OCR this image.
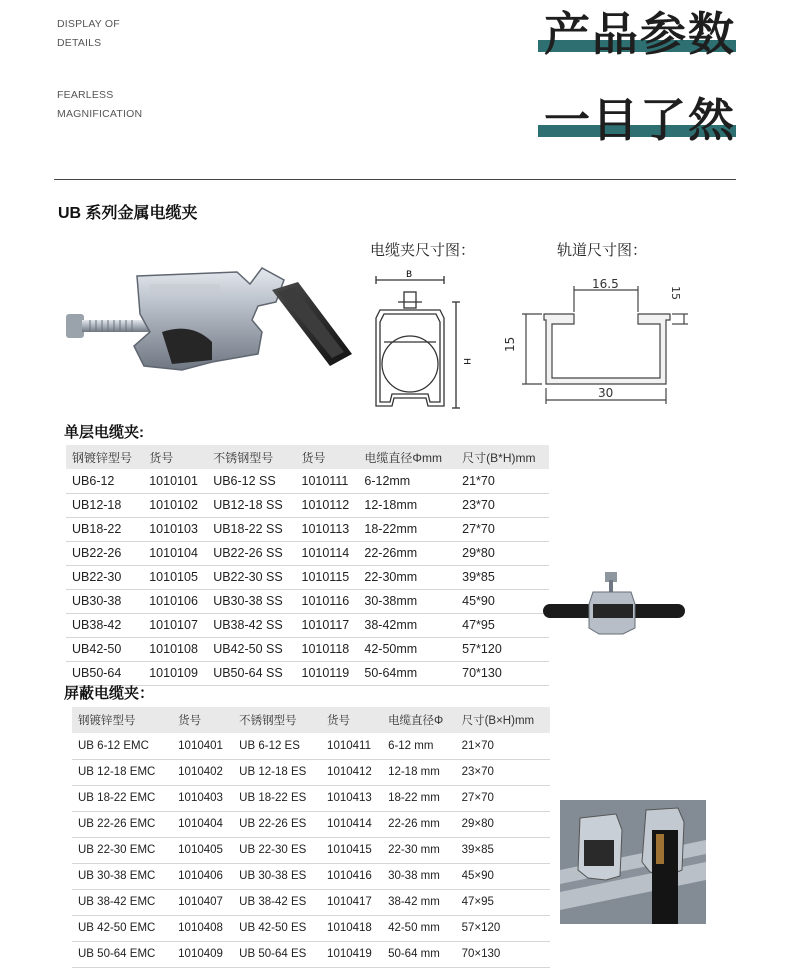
DISPLAY OF
DETAILS
FEARLESS
MAGNIFICATION
产品参数
一目了然
UB 系列金属电缆夹
电缆夹尺寸图：
B
H
轨道尺寸图：
16.5
15
15
30
单层电缆夹:
钢镀锌型号	货号	不锈钢型号	货号	电缆直径Φmm	尺寸(B*H)mm
UB6-12	1010101	UB6-12 SS	1010111	6-12mm	21*70
UB12-18	1010102	UB12-18 SS	1010112	12-18mm	23*70
UB18-22	1010103	UB18-22 SS	1010113	18-22mm	27*70
UB22-26	1010104	UB22-26 SS	1010114	22-26mm	29*80
UB22-30	1010105	UB22-30 SS	1010115	22-30mm	39*85
UB30-38	1010106	UB30-38 SS	1010116	30-38mm	45*90
UB38-42	1010107	UB38-42 SS	1010117	38-42mm	47*95
UB42-50	1010108	UB42-50 SS	1010118	42-50mm	57*120
UB50-64	1010109	UB50-64 SS	1010119	50-64mm	70*130
屏蔽电缆夹：
钢镀锌型号	货号	不锈钢型号	货号	电缆直径Φ	尺寸(B×H)mm
UB 6-12 EMC	1010401	UB 6-12 ES	1010411	6-12 mm	21×70
UB 12-18 EMC	1010402	UB 12-18 ES	1010412	12-18 mm	23×70
UB 18-22 EMC	1010403	UB 18-22 ES	1010413	18-22 mm	27×70
UB 22-26 EMC	1010404	UB 22-26 ES	1010414	22-26 mm	29×80
UB 22-30 EMC	1010405	UB 22-30 ES	1010415	22-30 mm	39×85
UB 30-38 EMC	1010406	UB 30-38 ES	1010416	30-38 mm	45×90
UB 38-42 EMC	1010407	UB 38-42 ES	1010417	38-42 mm	47×95
UB 42-50 EMC	1010408	UB 42-50 ES	1010418	42-50 mm	57×120
UB 50-64 EMC	1010409	UB 50-64 ES	1010419	50-64 mm	70×130
